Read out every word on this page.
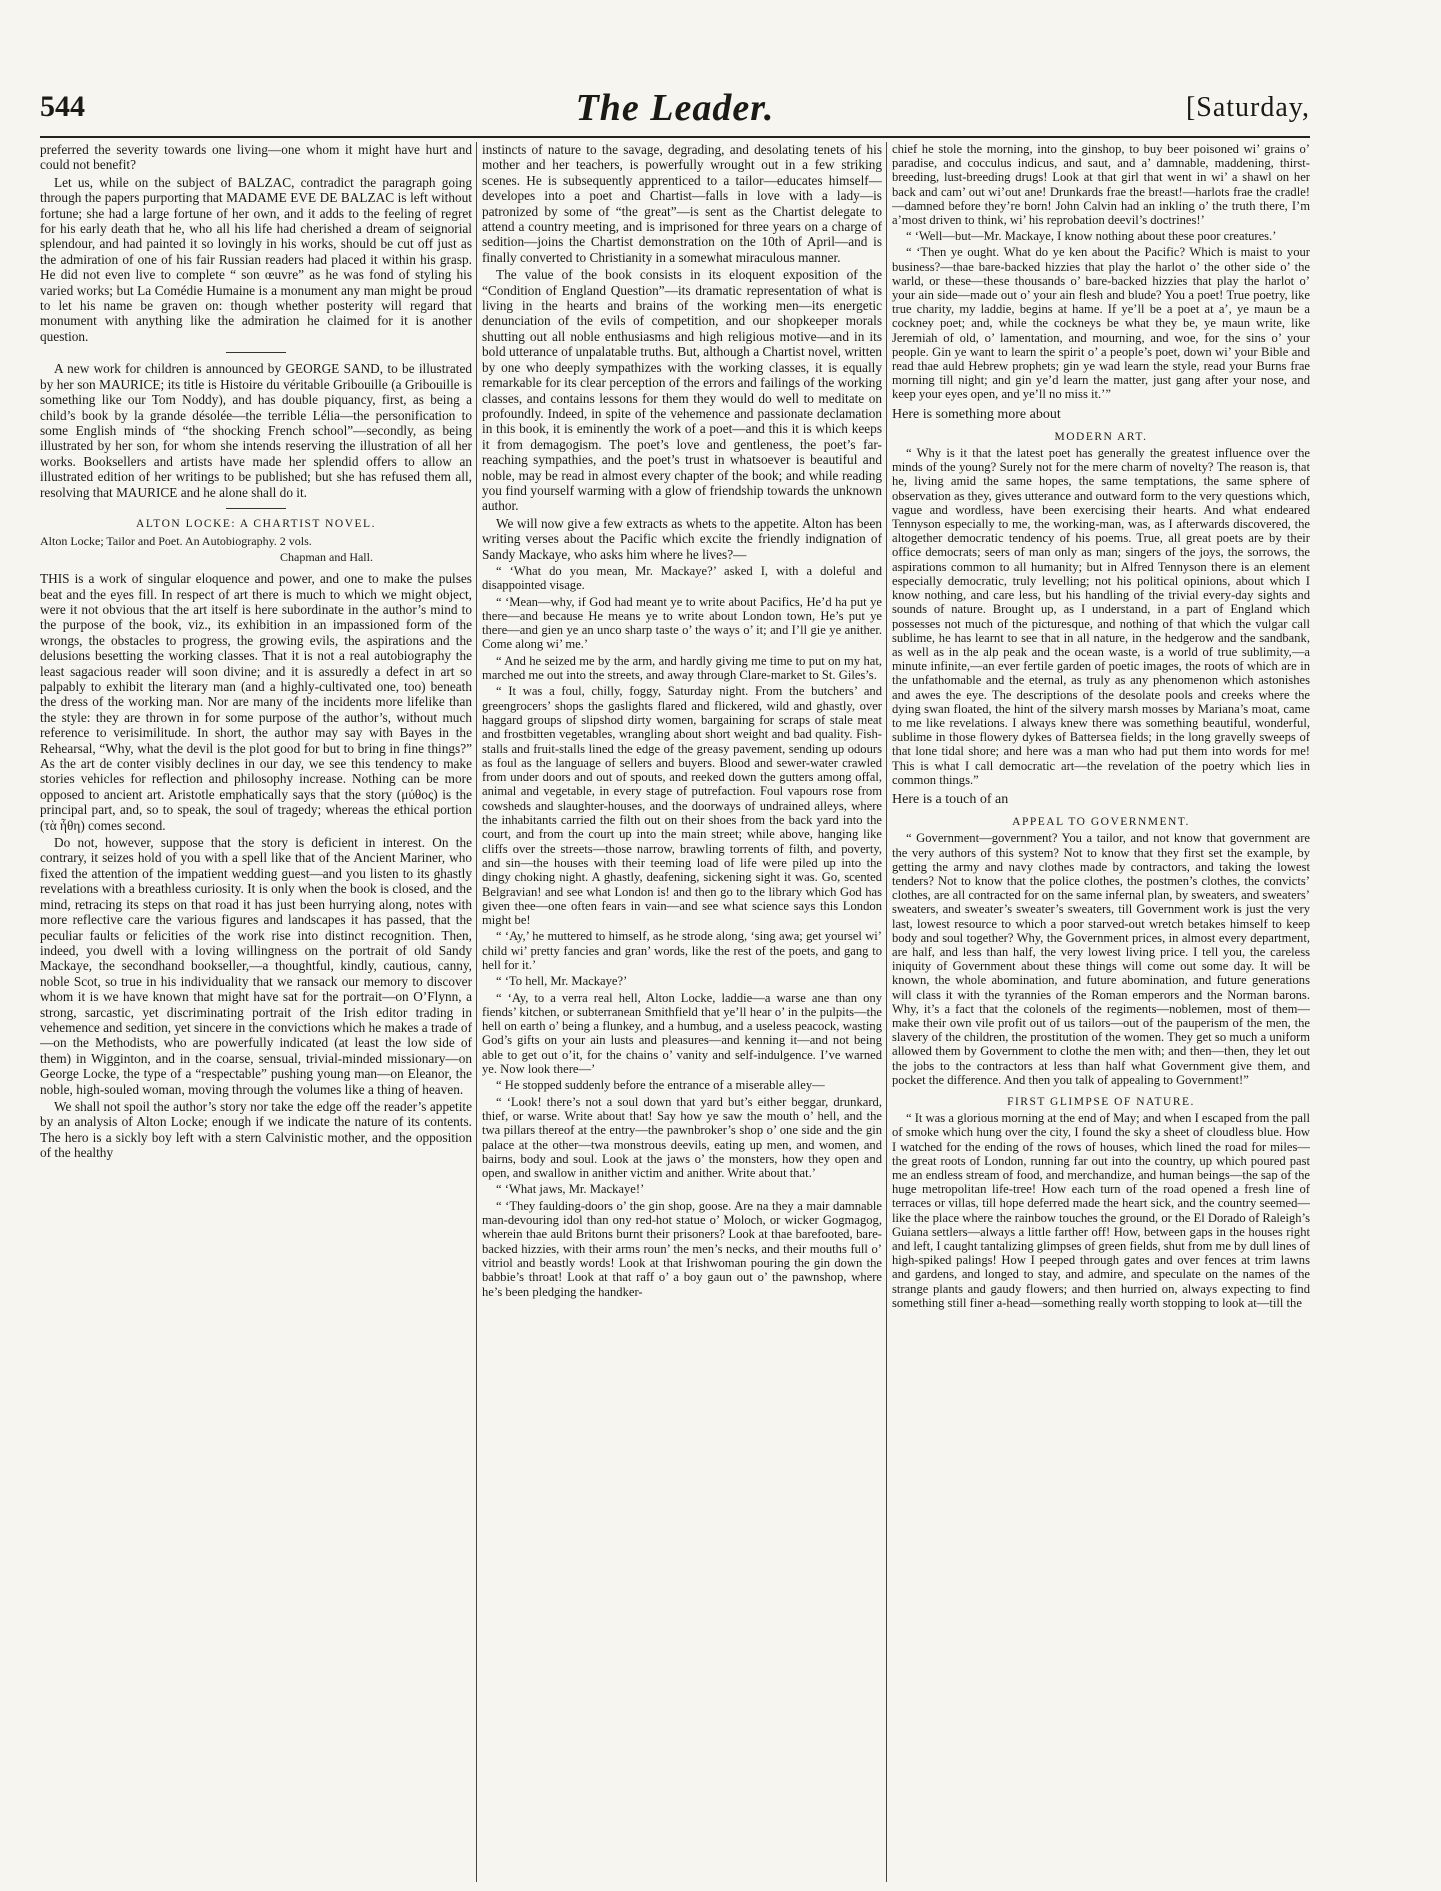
544	The Leader.	[Saturday,

preferred the severity towards one living—one whom it might have hurt and could not benefit?

Let us, while on the subject of BALZAC, contradict the paragraph going through the papers purporting that MADAME EVE DE BALZAC is left without fortune; she had a large fortune of her own, and it adds to the feeling of regret for his early death that he, who all his life had cherished a dream of seignorial splendour, and had painted it so lovingly in his works, should be cut off just as the admiration of one of his fair Russian readers had placed it within his grasp. He did not even live to complete “ son œuvre” as he was fond of styling his varied works; but La Comédie Humaine is a monument any man might be proud to let his name be graven on: though whether posterity will regard that monument with anything like the admiration he claimed for it is another question.

A new work for children is announced by GEORGE SAND, to be illustrated by her son MAURICE; its title is Histoire du véritable Gribouille (a Gribouille is something like our Tom Noddy), and has double piquancy, first, as being a child’s book by la grande désolée—the terrible Lélia—the personification to some English minds of “the shocking French school”—secondly, as being illustrated by her son, for whom she intends reserving the illustration of all her works. Booksellers and artists have made her splendid offers to allow an illustrated edition of her writings to be published; but she has refused them all, resolving that MAURICE and he alone shall do it.

ALTON LOCKE: A CHARTIST NOVEL.

Alton Locke; Tailor and Poet. An Autobiography. 2 vols.
Chapman and Hall.

THIS is a work of singular eloquence and power, and one to make the pulses beat and the eyes fill. In respect of art there is much to which we might object, were it not obvious that the art itself is here subordinate in the author’s mind to the purpose of the book, viz., its exhibition in an impassioned form of the wrongs, the obstacles to progress, the growing evils, the aspirations and the delusions besetting the working classes. That it is not a real autobiography the least sagacious reader will soon divine; and it is assuredly a defect in art so palpably to exhibit the literary man (and a highly-cultivated one, too) beneath the dress of the working man. Nor are many of the incidents more lifelike than the style: they are thrown in for some purpose of the author’s, without much reference to verisimilitude. In short, the author may say with Bayes in the Rehearsal, “Why, what the devil is the plot good for but to bring in fine things?” As the art de conter visibly declines in our day, we see this tendency to make stories vehicles for reflection and philosophy increase. Nothing can be more opposed to ancient art. Aristotle emphatically says that the story (μύθος) is the principal part, and, so to speak, the soul of tragedy; whereas the ethical portion (τὰ ἦθη) comes second.

Do not, however, suppose that the story is deficient in interest. On the contrary, it seizes hold of you with a spell like that of the Ancient Mariner, who fixed the attention of the impatient wedding guest—and you listen to its ghastly revelations with a breathless curiosity. It is only when the book is closed, and the mind, retracing its steps on that road it has just been hurrying along, notes with more reflective care the various figures and landscapes it has passed, that the peculiar faults or felicities of the work rise into distinct recognition. Then, indeed, you dwell with a loving willingness on the portrait of old Sandy Mackaye, the secondhand bookseller,—a thoughtful, kindly, cautious, canny, noble Scot, so true in his individuality that we ransack our memory to discover whom it is we have known that might have sat for the portrait—on O’Flynn, a strong, sarcastic, yet discriminating portrait of the Irish editor trading in vehemence and sedition, yet sincere in the convictions which he makes a trade of—on the Methodists, who are powerfully indicated (at least the low side of them) in Wigginton, and in the coarse, sensual, trivial-minded missionary—on George Locke, the type of a “respectable” pushing young man—on Eleanor, the noble, high-souled woman, moving through the volumes like a thing of heaven.

We shall not spoil the author’s story nor take the edge off the reader’s appetite by an analysis of Alton Locke; enough if we indicate the nature of its contents. The hero is a sickly boy left with a stern Calvinistic mother, and the opposition of the healthy

instincts of nature to the savage, degrading, and desolating tenets of his mother and her teachers, is powerfully wrought out in a few striking scenes. He is subsequently apprenticed to a tailor—educates himself—developes into a poet and Chartist—falls in love with a lady—is patronized by some of “the great”—is sent as the Chartist delegate to attend a country meeting, and is imprisoned for three years on a charge of sedition—joins the Chartist demonstration on the 10th of April—and is finally converted to Christianity in a somewhat miraculous manner.

The value of the book consists in its eloquent exposition of the “Condition of England Question”—its dramatic representation of what is living in the hearts and brains of the working men—its energetic denunciation of the evils of competition, and our shopkeeper morals shutting out all noble enthusiasms and high religious motive—and in its bold utterance of unpalatable truths. But, although a Chartist novel, written by one who deeply sympathizes with the working classes, it is equally remarkable for its clear perception of the errors and failings of the working classes, and contains lessons for them they would do well to meditate on profoundly. Indeed, in spite of the vehemence and passionate declamation in this book, it is eminently the work of a poet—and this it is which keeps it from demagogism. The poet’s love and gentleness, the poet’s far-reaching sympathies, and the poet’s trust in whatsoever is beautiful and noble, may be read in almost every chapter of the book; and while reading you find yourself warming with a glow of friendship towards the unknown author.

We will now give a few extracts as whets to the appetite. Alton has been writing verses about the Pacific which excite the friendly indignation of Sandy Mackaye, who asks him where he lives?—

“ ‘What do you mean, Mr. Mackaye?’ asked I, with a doleful and disappointed visage.

“ ‘Mean—why, if God had meant ye to write about Pacifics, He’d ha put ye there—and because He means ye to write about London town, He’s put ye there—and gien ye an unco sharp taste o’ the ways o’ it; and I’ll gie ye anither. Come along wi’ me.’

“ And he seized me by the arm, and hardly giving me time to put on my hat, marched me out into the streets, and away through Clare-market to St. Giles’s.

“ It was a foul, chilly, foggy, Saturday night. From the butchers’ and greengrocers’ shops the gaslights flared and flickered, wild and ghastly, over haggard groups of slipshod dirty women, bargaining for scraps of stale meat and frostbitten vegetables, wrangling about short weight and bad quality. Fish-stalls and fruit-stalls lined the edge of the greasy pavement, sending up odours as foul as the language of sellers and buyers. Blood and sewer-water crawled from under doors and out of spouts, and reeked down the gutters among offal, animal and vegetable, in every stage of putrefaction. Foul vapours rose from cowsheds and slaughter-houses, and the doorways of undrained alleys, where the inhabitants carried the filth out on their shoes from the back yard into the court, and from the court up into the main street; while above, hanging like cliffs over the streets—those narrow, brawling torrents of filth, and poverty, and sin—the houses with their teeming load of life were piled up into the dingy choking night. A ghastly, deafening, sickening sight it was. Go, scented Belgravian! and see what London is! and then go to the library which God has given thee—one often fears in vain—and see what science says this London might be!

“ ‘Ay,’ he muttered to himself, as he strode along, ‘sing awa; get yoursel wi’ child wi’ pretty fancies and gran’ words, like the rest of the poets, and gang to hell for it.’

“ ‘To hell, Mr. Mackaye?’

“ ‘Ay, to a verra real hell, Alton Locke, laddie—a warse ane than ony fiends’ kitchen, or subterranean Smithfield that ye’ll hear o’ in the pulpits—the hell on earth o’ being a flunkey, and a humbug, and a useless peacock, wasting God’s gifts on your ain lusts and pleasures—and kenning it—and not being able to get out o’it, for the chains o’ vanity and self-indulgence. I’ve warned ye. Now look there—’

“ He stopped suddenly before the entrance of a miserable alley—

“ ‘Look! there’s not a soul down that yard but’s either beggar, drunkard, thief, or warse. Write about that! Say how ye saw the mouth o’ hell, and the twa pillars thereof at the entry—the pawnbroker’s shop o’ one side and the gin palace at the other—twa monstrous deevils, eating up men, and women, and bairns, body and soul. Look at the jaws o’ the monsters, how they open and open, and swallow in anither victim and anither. Write about that.’

“ ‘What jaws, Mr. Mackaye!’

“ ‘They faulding-doors o’ the gin shop, goose. Are na they a mair damnable man-devouring idol than ony red-hot statue o’ Moloch, or wicker Gogmagog, wherein thae auld Britons burnt their prisoners? Look at thae barefooted, bare-backed hizzies, with their arms roun’ the men’s necks, and their mouths full o’ vitriol and beastly words! Look at that Irishwoman pouring the gin down the babbie’s throat! Look at that raff o’ a boy gaun out o’ the pawnshop, where he’s been pledging the handker-

chief he stole the morning, into the ginshop, to buy beer poisoned wi’ grains o’ paradise, and cocculus indicus, and saut, and a’ damnable, maddening, thirst-breeding, lust-breeding drugs! Look at that girl that went in wi’ a shawl on her back and cam’ out wi’out ane! Drunkards frae the breast!—harlots frae the cradle!—damned before they’re born! John Calvin had an inkling o’ the truth there, I’m a’most driven to think, wi’ his reprobation deevil’s doctrines!’

“ ‘Well—but—Mr. Mackaye, I know nothing about these poor creatures.’

“ ‘Then ye ought. What do ye ken about the Pacific? Which is maist to your business?—thae bare-backed hizzies that play the harlot o’ the other side o’ the warld, or these—these thousands o’ bare-backed hizzies that play the harlot o’ your ain side—made out o’ your ain flesh and blude? You a poet! True poetry, like true charity, my laddie, begins at hame. If ye’ll be a poet at a’, ye maun be a cockney poet; and, while the cockneys be what they be, ye maun write, like Jeremiah of old, o’ lamentation, and mourning, and woe, for the sins o’ your people. Gin ye want to learn the spirit o’ a people’s poet, down wi’ your Bible and read thae auld Hebrew prophets; gin ye wad learn the style, read your Burns frae morning till night; and gin ye’d learn the matter, just gang after your nose, and keep your eyes open, and ye’ll no miss it.’”

Here is something more about

MODERN ART.

“ Why is it that the latest poet has generally the greatest influence over the minds of the young? Surely not for the mere charm of novelty? The reason is, that he, living amid the same hopes, the same temptations, the same sphere of observation as they, gives utterance and outward form to the very questions which, vague and wordless, have been exercising their hearts. And what endeared Tennyson especially to me, the working-man, was, as I afterwards discovered, the altogether democratic tendency of his poems. True, all great poets are by their office democrats; seers of man only as man; singers of the joys, the sorrows, the aspirations common to all humanity; but in Alfred Tennyson there is an element especially democratic, truly levelling; not his political opinions, about which I know nothing, and care less, but his handling of the trivial every-day sights and sounds of nature. Brought up, as I understand, in a part of England which possesses not much of the picturesque, and nothing of that which the vulgar call sublime, he has learnt to see that in all nature, in the hedgerow and the sandbank, as well as in the alp peak and the ocean waste, is a world of true sublimity,—a minute infinite,—an ever fertile garden of poetic images, the roots of which are in the unfathomable and the eternal, as truly as any phenomenon which astonishes and awes the eye. The descriptions of the desolate pools and creeks where the dying swan floated, the hint of the silvery marsh mosses by Mariana’s moat, came to me like revelations. I always knew there was something beautiful, wonderful, sublime in those flowery dykes of Battersea fields; in the long gravelly sweeps of that lone tidal shore; and here was a man who had put them into words for me! This is what I call democratic art—the revelation of the poetry which lies in common things.”

Here is a touch of an

APPEAL TO GOVERNMENT.

“ Government—government? You a tailor, and not know that government are the very authors of this system? Not to know that they first set the example, by getting the army and navy clothes made by contractors, and taking the lowest tenders? Not to know that the police clothes, the postmen’s clothes, the convicts’ clothes, are all contracted for on the same infernal plan, by sweaters, and sweaters’ sweaters, and sweater’s sweater’s sweaters, till Government work is just the very last, lowest resource to which a poor starved-out wretch betakes himself to keep body and soul together? Why, the Government prices, in almost every department, are half, and less than half, the very lowest living price. I tell you, the careless iniquity of Government about these things will come out some day. It will be known, the whole abomination, and future abomination, and future generations will class it with the tyrannies of the Roman emperors and the Norman barons. Why, it’s a fact that the colonels of the regiments—noblemen, most of them—make their own vile profit out of us tailors—out of the pauperism of the men, the slavery of the children, the prostitution of the women. They get so much a uniform allowed them by Government to clothe the men with; and then—then, they let out the jobs to the contractors at less than half what Government give them, and pocket the difference. And then you talk of appealing to Government!”

FIRST GLIMPSE OF NATURE.

“ It was a glorious morning at the end of May; and when I escaped from the pall of smoke which hung over the city, I found the sky a sheet of cloudless blue. How I watched for the ending of the rows of houses, which lined the road for miles—the great roots of London, running far out into the country, up which poured past me an endless stream of food, and merchandize, and human beings—the sap of the huge metropolitan life-tree! How each turn of the road opened a fresh line of terraces or villas, till hope deferred made the heart sick, and the country seemed—like the place where the rainbow touches the ground, or the El Dorado of Raleigh’s Guiana settlers—always a little farther off! How, between gaps in the houses right and left, I caught tantalizing glimpses of green fields, shut from me by dull lines of high-spiked palings! How I peeped through gates and over fences at trim lawns and gardens, and longed to stay, and admire, and speculate on the names of the strange plants and gaudy flowers; and then hurried on, always expecting to find something still finer a-head—something really worth stopping to look at—till the
